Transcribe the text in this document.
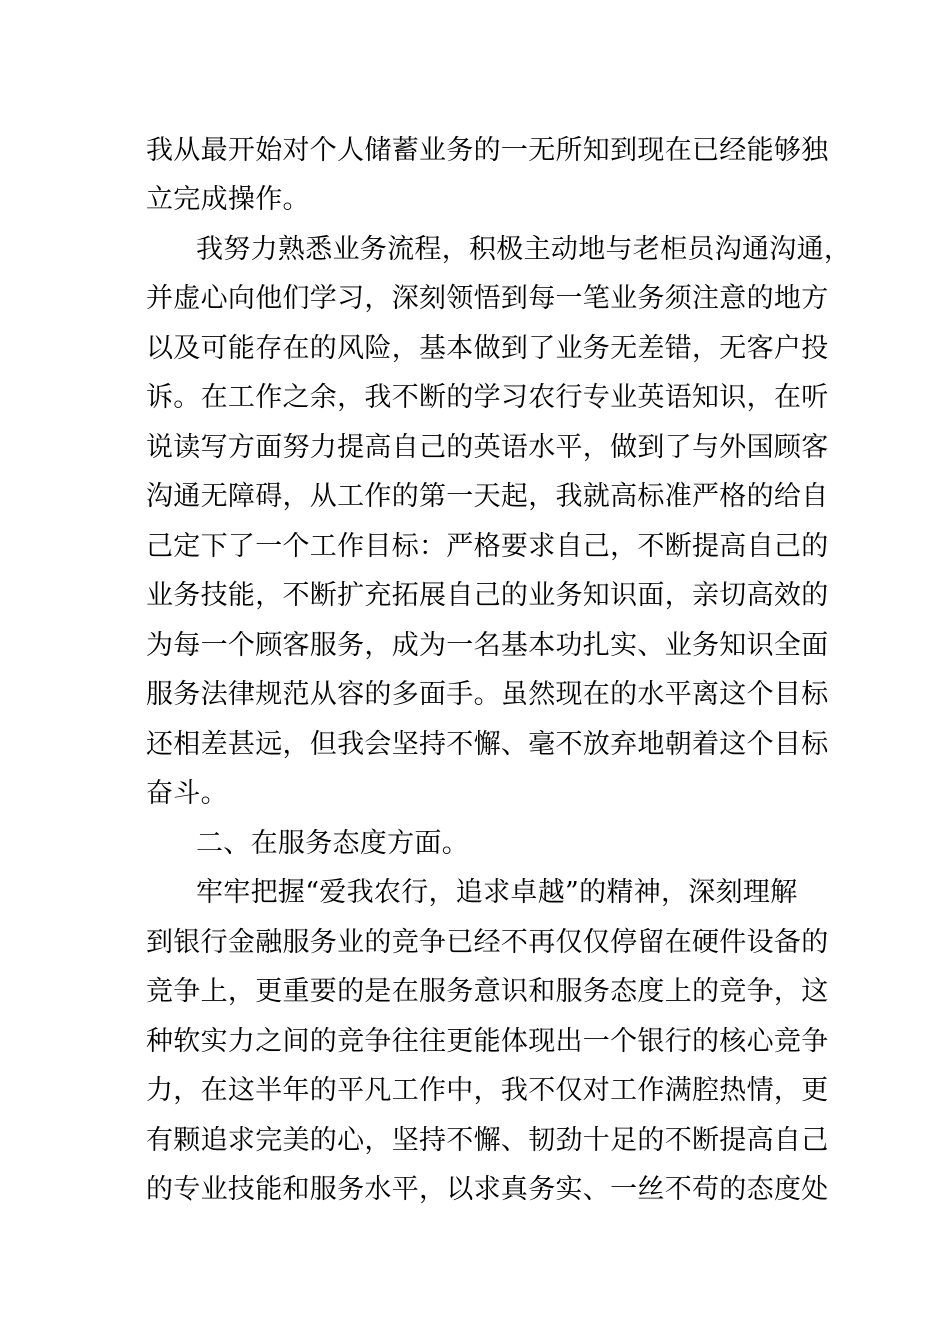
我从最开始对个人储蓄业务的一无所知到现在已经能够独
立完成操作。
我努力熟悉业务流程，积极主动地与老柜员沟通沟通，
并虚心向他们学习，深刻领悟到每一笔业务须注意的地方
以及可能存在的风险，基本做到了业务无差错，无客户投
诉。在工作之余，我不断的学习农行专业英语知识，在听
说读写方面努力提高自己的英语水平，做到了与外国顾客
沟通无障碍，从工作的第一天起，我就高标准严格的给自
己定下了一个工作目标：严格要求自己，不断提高自己的
业务技能，不断扩充拓展自己的业务知识面，亲切高效的
为每一个顾客服务，成为一名基本功扎实、业务知识全面
服务法律规范从容的多面手。虽然现在的水平离这个目标
还相差甚远，但我会坚持不懈、毫不放弃地朝着这个目标
奋斗。
二、在服务态度方面。
牢牢把握“爱我农行，追求卓越”的精神，深刻理解
到银行金融服务业的竞争已经不再仅仅停留在硬件设备的
竞争上，更重要的是在服务意识和服务态度上的竞争，这
种软实力之间的竞争往往更能体现出一个银行的核心竞争
力，在这半年的平凡工作中，我不仅对工作满腔热情，更
有颗追求完美的心，坚持不懈、韧劲十足的不断提高自己
的专业技能和服务水平，以求真务实、一丝不苟的态度处
